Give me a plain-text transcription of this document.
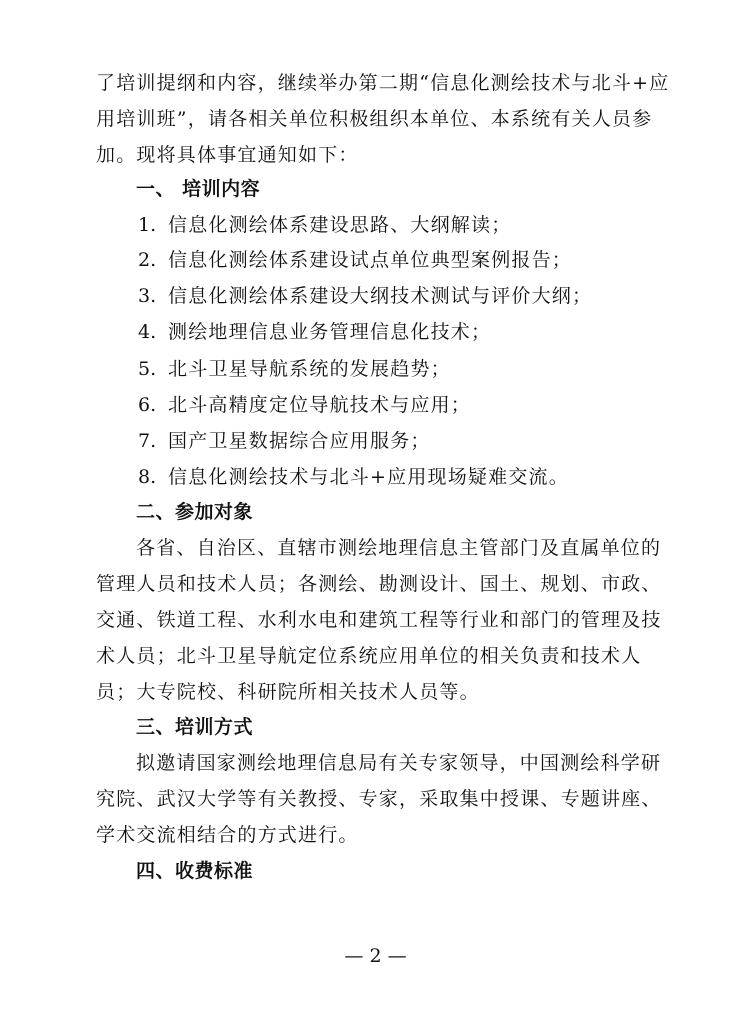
了培训提纲和内容，继续举办第二期“信息化测绘技术与北斗+应
用培训班”，请各相关单位积极组织本单位、本系统有关人员参
加。现将具体事宜通知如下：
一、 培训内容
1. 信息化测绘体系建设思路、大纲解读；
2. 信息化测绘体系建设试点单位典型案例报告；
3. 信息化测绘体系建设大纲技术测试与评价大纲；
4. 测绘地理信息业务管理信息化技术；
5. 北斗卫星导航系统的发展趋势；
6. 北斗高精度定位导航技术与应用；
7. 国产卫星数据综合应用服务；
8. 信息化测绘技术与北斗+应用现场疑难交流。
二、参加对象
各省、自治区、直辖市测绘地理信息主管部门及直属单位的
管理人员和技术人员；各测绘、勘测设计、国土、规划、市政、
交通、铁道工程、水利水电和建筑工程等行业和部门的管理及技
术人员；北斗卫星导航定位系统应用单位的相关负责和技术人
员；大专院校、科研院所相关技术人员等。
三、培训方式
拟邀请国家测绘地理信息局有关专家领导，中国测绘科学研
究院、武汉大学等有关教授、专家，采取集中授课、专题讲座、
学术交流相结合的方式进行。
四、收费标准
— 2 —
